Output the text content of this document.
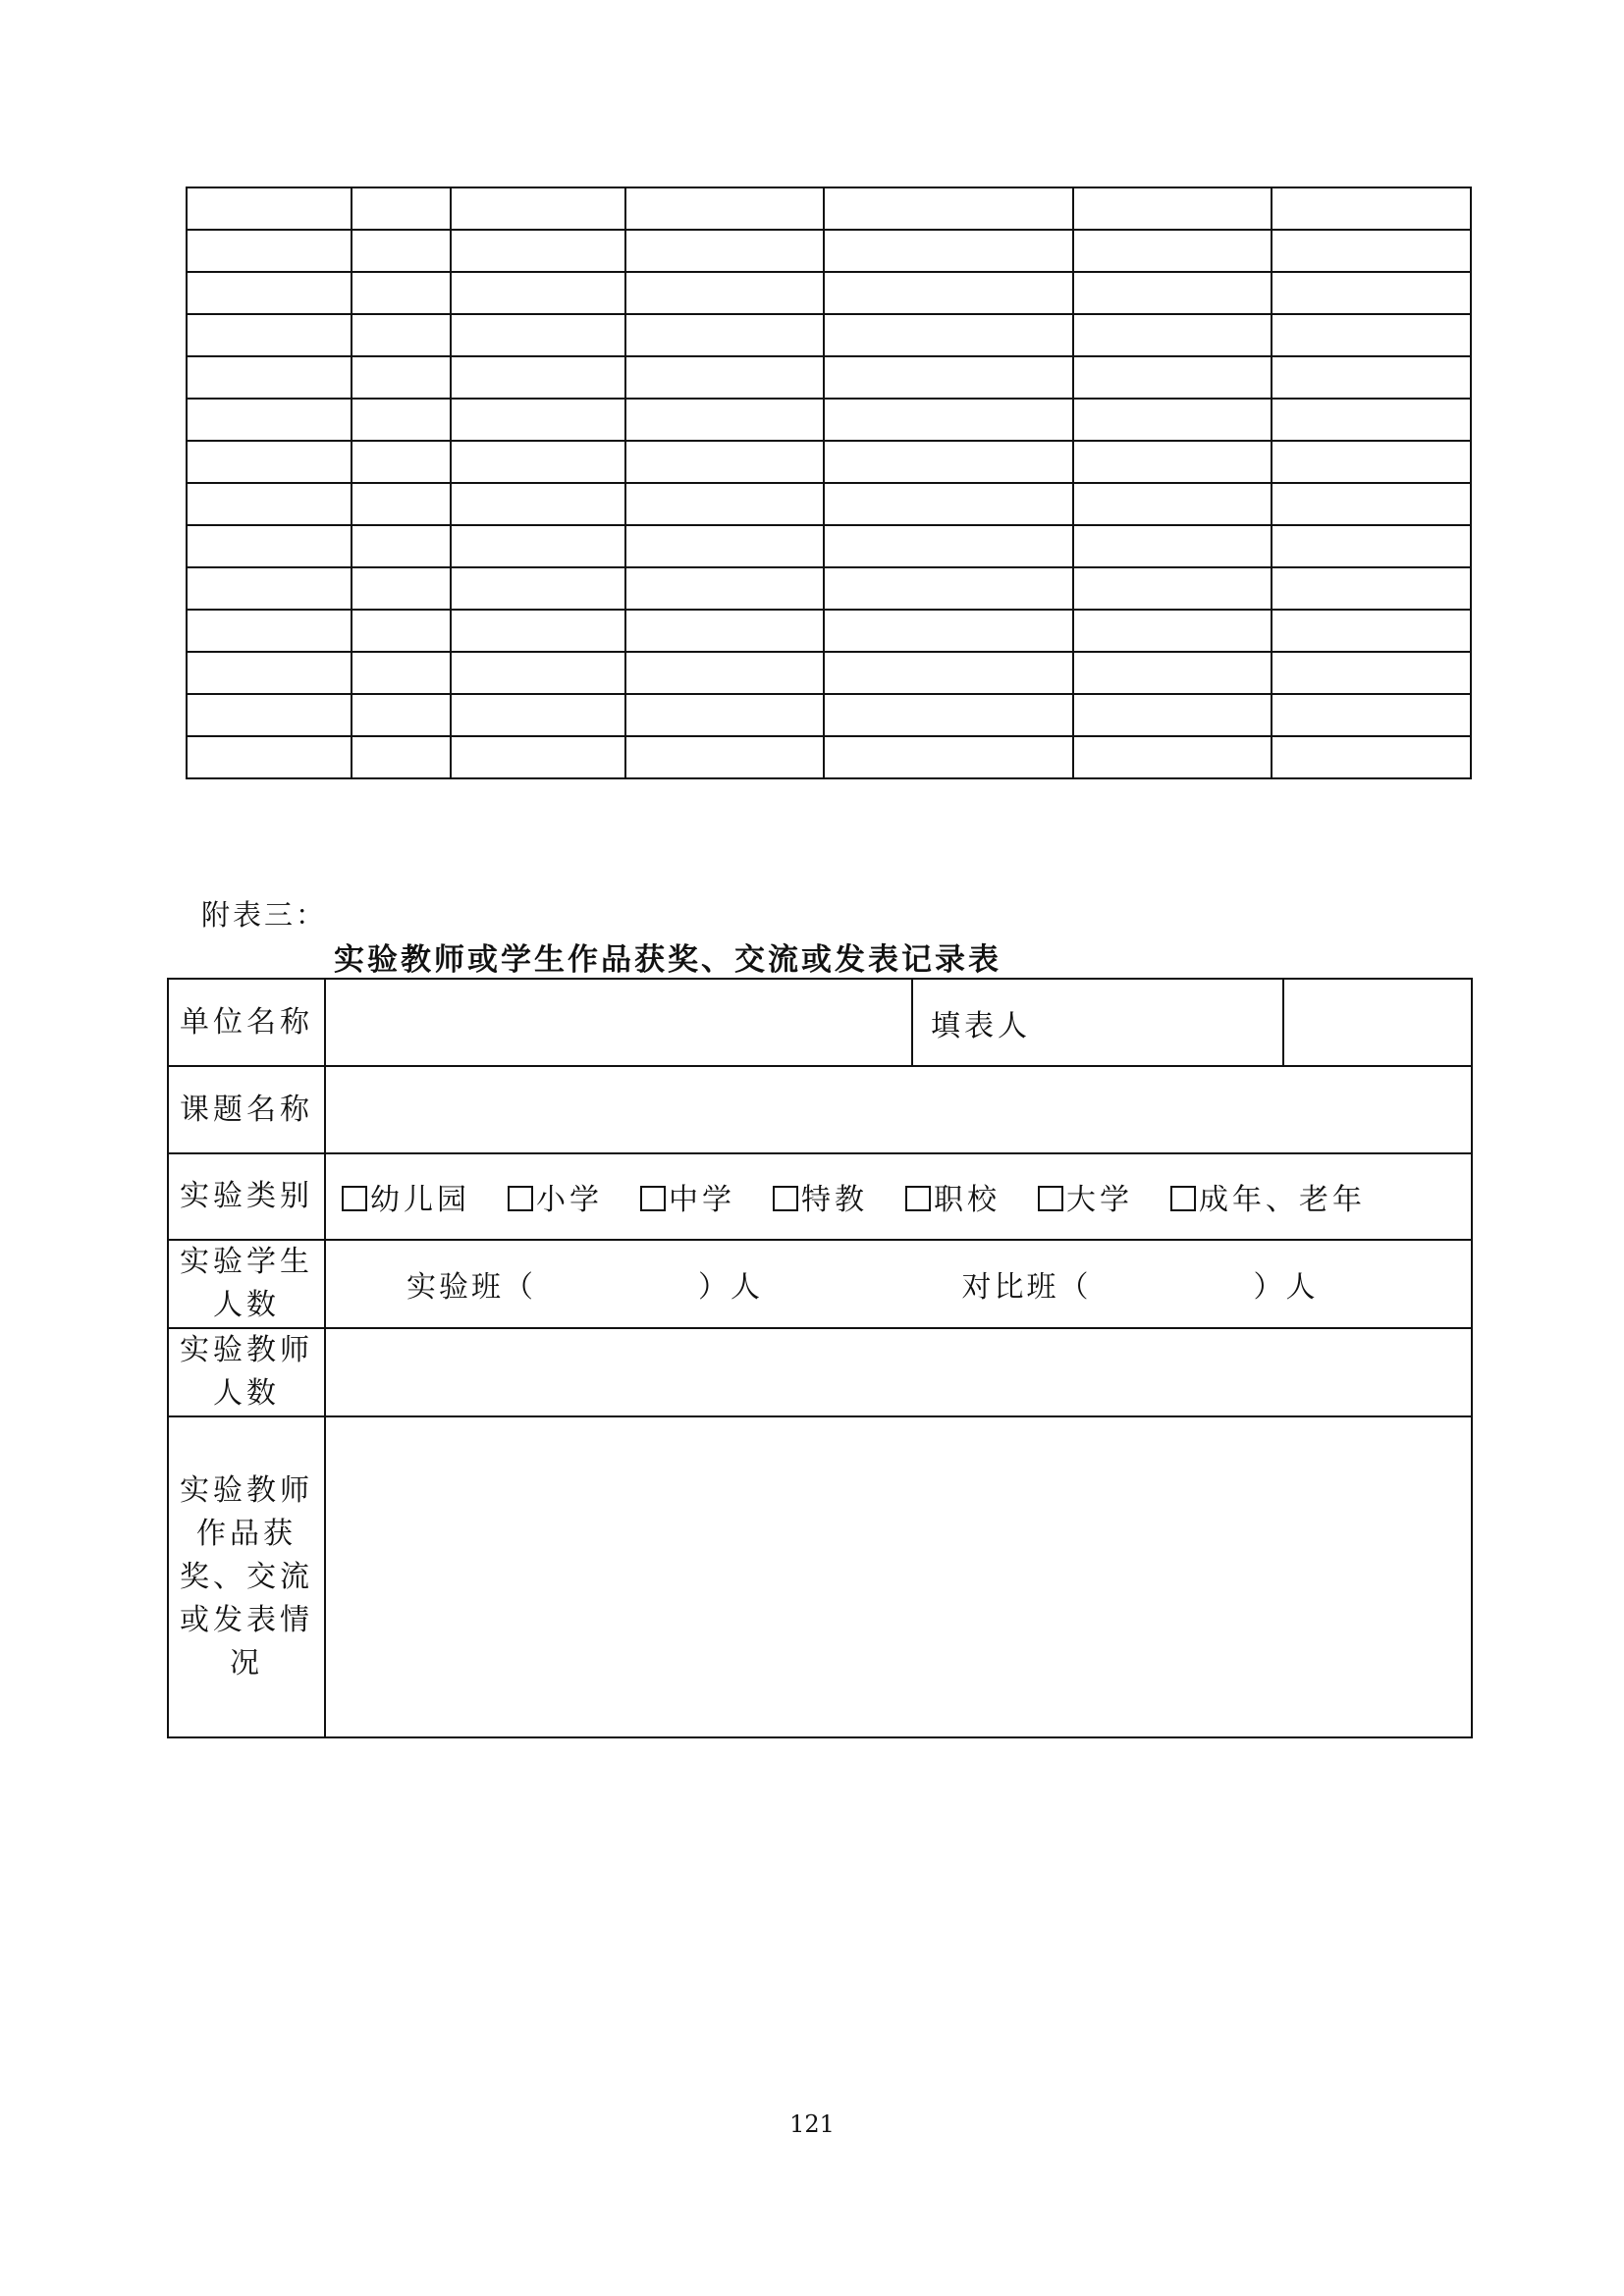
附表三：
实验教师或学生作品获奖、交流或发表记录表
单位名称		填表人	
课题名称			
实验类别	幼儿园 小学 中学 特教 职校 大学 成年、老年		
实验学生人数	实验班（　　　　　）人 对比班（　　　　　）人		
实验教师人数			
实验教师作品获奖、交流或发表情况			
121
